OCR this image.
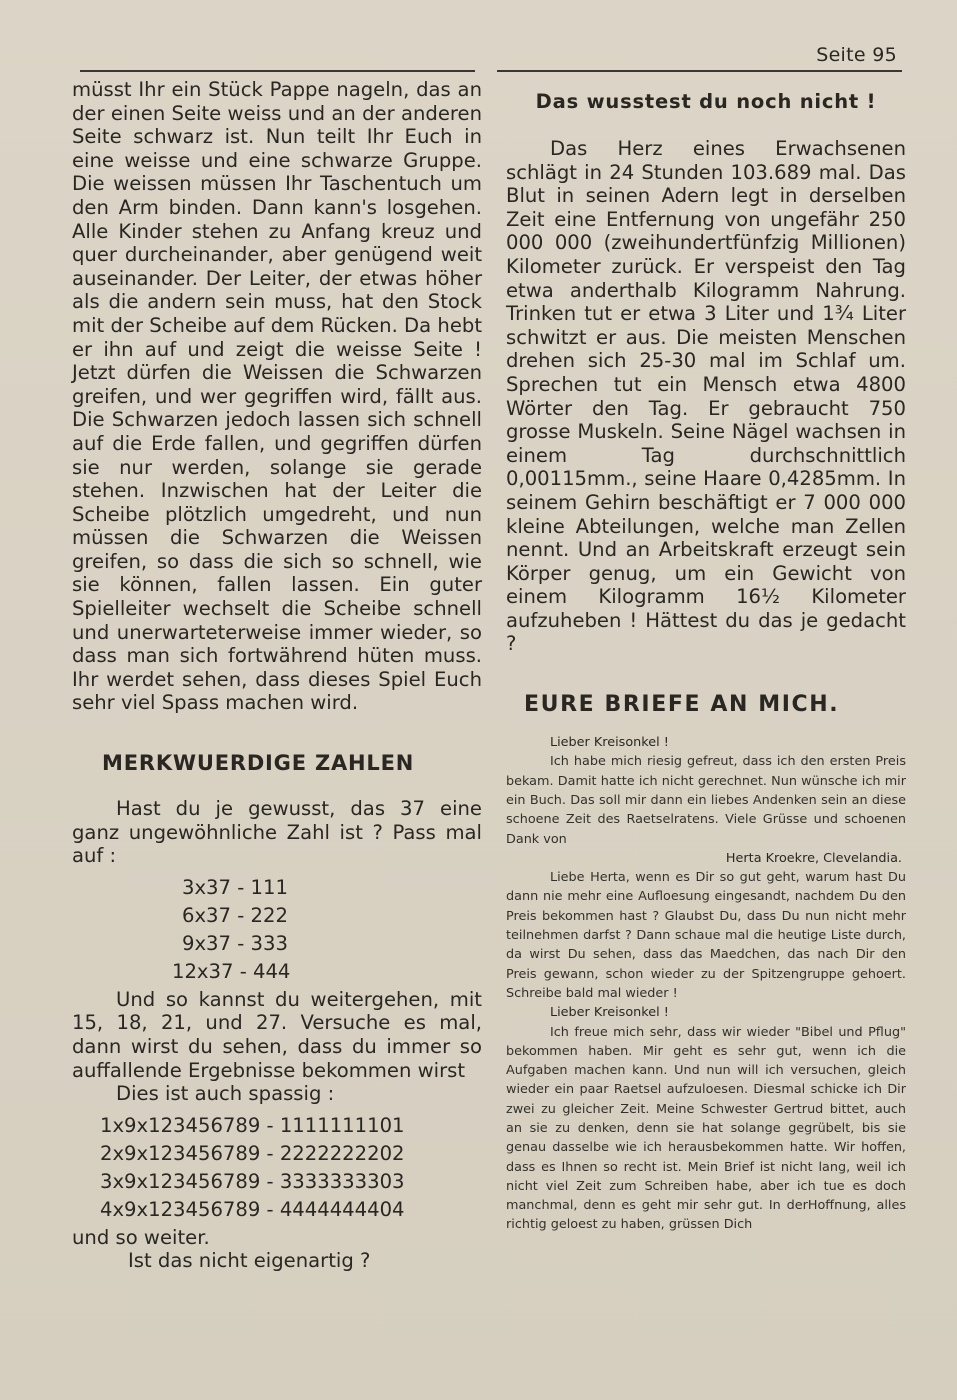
Seite 95

müsst Ihr ein Stück Pappe nageln, das an der einen Seite weiss und an der anderen Seite schwarz ist. Nun teilt Ihr Euch in eine weisse und eine schwarze Gruppe. Die weissen müssen Ihr Taschentuch um den Arm binden. Dann kann's losgehen. Alle Kinder stehen zu Anfang kreuz und quer durcheinander, aber genügend weit auseinander. Der Leiter, der etwas höher als die andern sein muss, hat den Stock mit der Scheibe auf dem Rücken. Da hebt er ihn auf und zeigt die weisse Seite ! Jetzt dürfen die Weissen die Schwarzen greifen, und wer gegriffen wird, fällt aus. Die Schwarzen jedoch lassen sich schnell auf die Erde fallen, und gegriffen dürfen sie nur werden, solange sie gerade stehen. Inzwischen hat der Leiter die Scheibe plötzlich umgedreht, und nun müssen die Schwarzen die Weissen greifen, so dass die sich so schnell, wie sie können, fallen lassen. Ein guter Spielleiter wechselt die Scheibe schnell und unerwarteterweise immer wieder, so dass man sich fortwährend hüten muss. Ihr werdet sehen, dass dieses Spiel Euch sehr viel Spass machen wird.

MERKWUERDIGE ZAHLEN

Hast du je gewusst, das 37 eine ganz ungewöhnliche Zahl ist ? Pass mal auf :

3x37 - 111
6x37 - 222
9x37 - 333
12x37 - 444

Und so kannst du weitergehen, mit 15, 18, 21, und 27. Versuche es mal, dann wirst du sehen, dass du immer so auffallende Ergebnisse bekommen wirst

Dies ist auch spassig :

1x9x123456789 - 1111111101
2x9x123456789 - 2222222202
3x9x123456789 - 3333333303
4x9x123456789 - 4444444404

und so weiter.

Ist das nicht eigenartig ?

Das wusstest du noch nicht !

Das Herz eines Erwachsenen schlägt in 24 Stunden 103.689 mal. Das Blut in seinen Adern legt in derselben Zeit eine Entfernung von ungefähr 250 000 000 (zweihundertfünfzig Millionen) Kilometer zurück. Er verspeist den Tag etwa anderthalb Kilogramm Nahrung. Trinken tut er etwa 3 Liter und 1¾ Liter schwitzt er aus. Die meisten Menschen drehen sich 25-30 mal im Schlaf um. Sprechen tut ein Mensch etwa 4800 Wörter den Tag. Er gebraucht 750 grosse Muskeln. Seine Nägel wachsen in einem Tag durchschnittlich 0,00115mm., seine Haare 0,4285mm. In seinem Gehirn beschäftigt er 7 000 000 kleine Abteilungen, welche man Zellen nennt. Und an Arbeitskraft erzeugt sein Körper genug, um ein Gewicht von einem Kilogramm 16½ Kilometer aufzuheben ! Hättest du das je gedacht ?

EURE BRIEFE AN MICH.

Lieber Kreisonkel !

Ich habe mich riesig gefreut, dass ich den ersten Preis bekam. Damit hatte ich nicht gerechnet. Nun wünsche ich mir ein Buch. Das soll mir dann ein liebes Andenken sein an diese schoene Zeit des Raetselratens. Viele Grüsse und schoenen Dank von

Herta Kroekre, Clevelandia.

Liebe Herta, wenn es Dir so gut geht, warum hast Du dann nie mehr eine Aufloesung eingesandt, nachdem Du den Preis bekommen hast ? Glaubst Du, dass Du nun nicht mehr teilnehmen darfst ? Dann schaue mal die heutige Liste durch, da wirst Du sehen, dass das Maedchen, das nach Dir den Preis gewann, schon wieder zu der Spitzengruppe gehoert. Schreibe bald mal wieder !

Lieber Kreisonkel !

Ich freue mich sehr, dass wir wieder "Bibel und Pflug" bekommen haben. Mir geht es sehr gut, wenn ich die Aufgaben machen kann. Und nun will ich versuchen, gleich wieder ein paar Raetsel aufzuloesen. Diesmal schicke ich Dir zwei zu gleicher Zeit. Meine Schwester Gertrud bittet, auch an sie zu denken, denn sie hat solange gegrübelt, bis sie genau dasselbe wie ich herausbekommen hatte. Wir hoffen, dass es Ihnen so recht ist. Mein Brief ist nicht lang, weil ich nicht viel Zeit zum Schreiben habe, aber ich tue es doch manchmal, denn es geht mir sehr gut. In derHoffnung, alles richtig geloest zu haben, grüssen Dich
